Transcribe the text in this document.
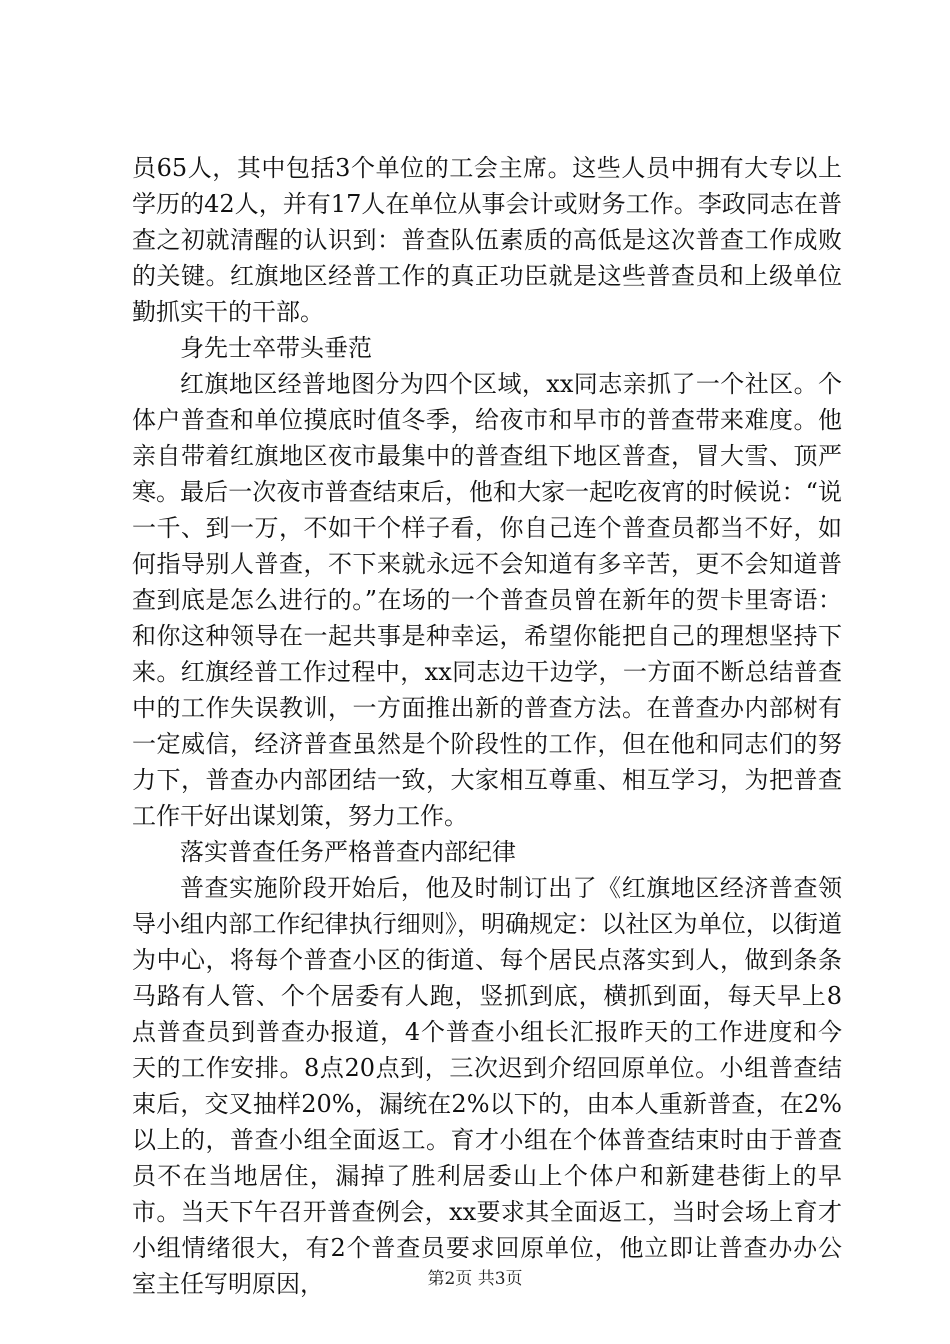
员65人，其中包括3个单位的工会主席。这些人员中拥有大专以上学历的42人，并有17人在单位从事会计或财务工作。李政同志在普查之初就清醒的认识到：普查队伍素质的高低是这次普查工作成败的关键。红旗地区经普工作的真正功臣就是这些普查员和上级单位勤抓实干的干部。

身先士卒带头垂范

红旗地区经普地图分为四个区域，xx同志亲抓了一个社区。个体户普查和单位摸底时值冬季，给夜市和早市的普查带来难度。他亲自带着红旗地区夜市最集中的普查组下地区普查，冒大雪、顶严寒。最后一次夜市普查结束后，他和大家一起吃夜宵的时候说：“说一千、到一万，不如干个样子看，你自己连个普查员都当不好，如何指导别人普查，不下来就永远不会知道有多辛苦，更不会知道普查到底是怎么进行的。”在场的一个普查员曾在新年的贺卡里寄语：和你这种领导在一起共事是种幸运，希望你能把自己的理想坚持下来。红旗经普工作过程中，xx同志边干边学，一方面不断总结普查中的工作失误教训，一方面推出新的普查方法。在普查办内部树有一定威信，经济普查虽然是个阶段性的工作，但在他和同志们的努力下，普查办内部团结一致，大家相互尊重、相互学习，为把普查工作干好出谋划策，努力工作。

落实普查任务严格普查内部纪律

普查实施阶段开始后，他及时制订出了《红旗地区经济普查领导小组内部工作纪律执行细则》，明确规定：以社区为单位，以街道为中心，将每个普查小区的街道、每个居民点落实到人，做到条条马路有人管、个个居委有人跑，竖抓到底，横抓到面，每天早上8点普查员到普查办报道，4个普查小组长汇报昨天的工作进度和今天的工作安排。8点20点到，三次迟到介绍回原单位。小组普查结束后，交叉抽样20%，漏统在2%以下的，由本人重新普查，在2%以上的，普查小组全面返工。育才小组在个体普查结束时由于普查员不在当地居住，漏掉了胜利居委山上个体户和新建巷街上的早市。当天下午召开普查例会，xx要求其全面返工，当时会场上育才小组情绪很大，有2个普查员要求回原单位，他立即让普查办办公室主任写明原因，	第2页 共3页
